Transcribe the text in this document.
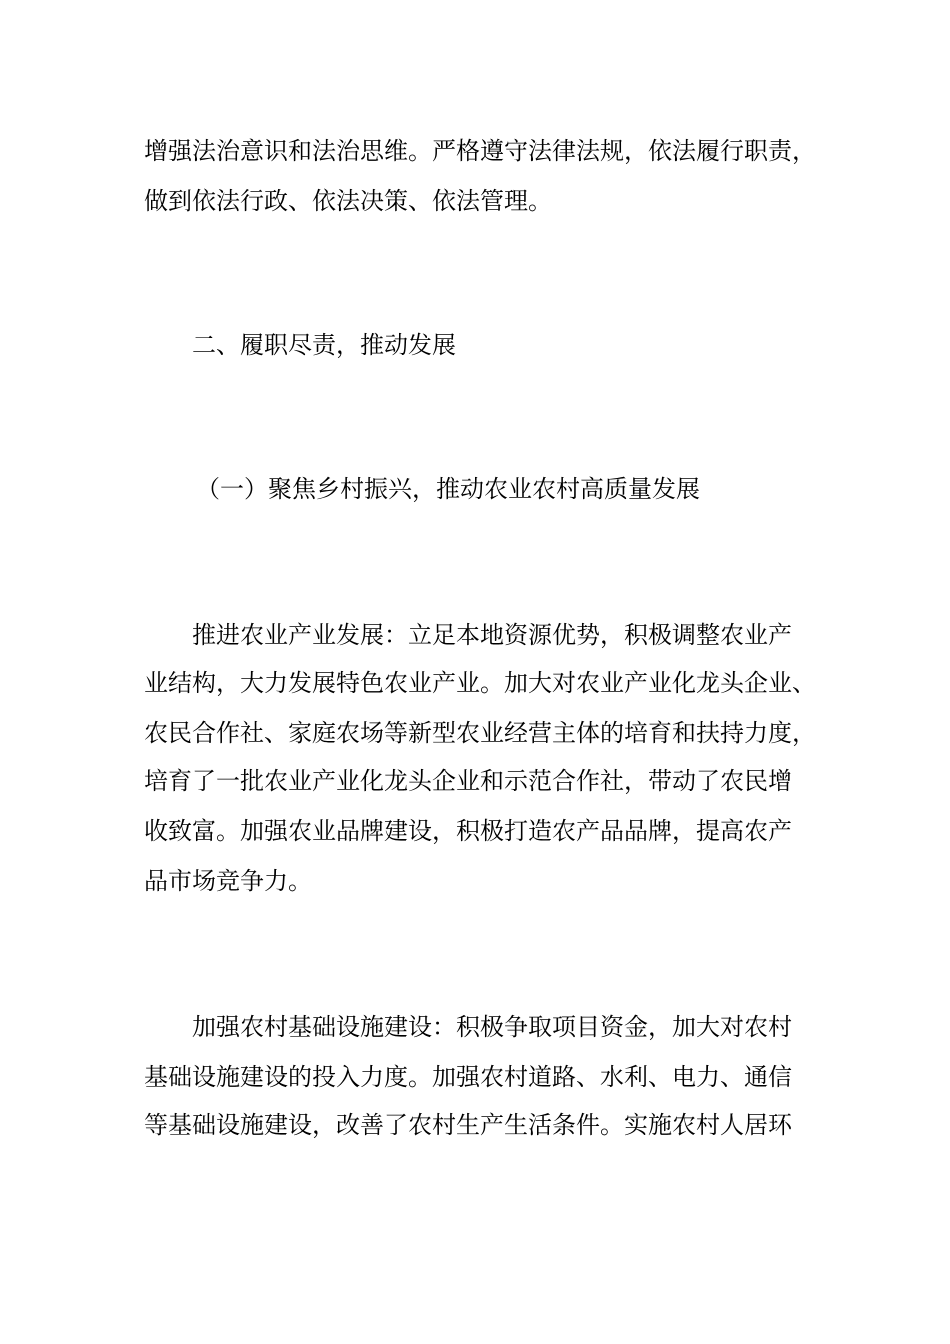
增强法治意识和法治思维。严格遵守法律法规，依法履行职责，
做到依法行政、依法决策、依法管理。
二、履职尽责，推动发展
（一）聚焦乡村振兴，推动农业农村高质量发展
推进农业产业发展：立足本地资源优势，积极调整农业产
业结构，大力发展特色农业产业。加大对农业产业化龙头企业、
农民合作社、家庭农场等新型农业经营主体的培育和扶持力度，
培育了一批农业产业化龙头企业和示范合作社，带动了农民增
收致富。加强农业品牌建设，积极打造农产品品牌，提高农产
品市场竞争力。
加强农村基础设施建设：积极争取项目资金，加大对农村
基础设施建设的投入力度。加强农村道路、水利、电力、通信
等基础设施建设，改善了农村生产生活条件。实施农村人居环
